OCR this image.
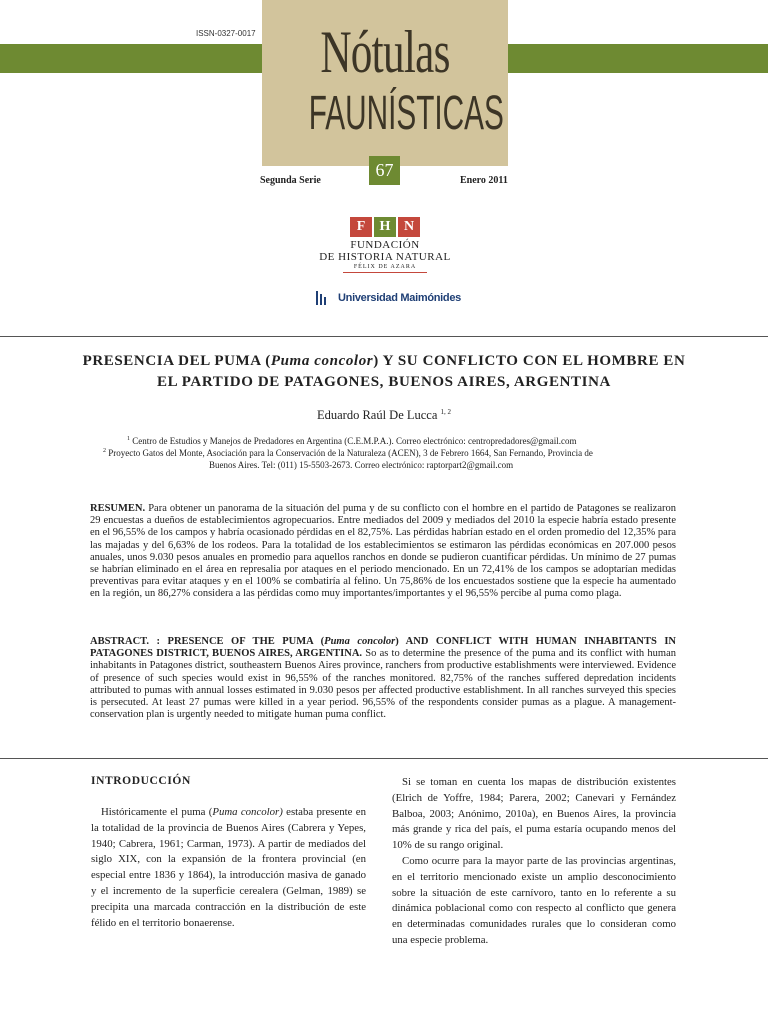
ISSN-0327-0017	Nótulas
FAUNÍSTICAS
67
Segunda Serie	Enero 2011
F	H N
FUNDACIÓN
DE HISTORIA NATURAL
FÉLIX DE AZARA
Universidad Maimónides
PRESENCIA DEL PUMA (Puma concolor) Y SU CONFLICTO CON EL HOMBRE EN
EL PARTIDO DE PATAGONES, BUENOS AIRES, ARGENTINA
Eduardo Raúl De Lucca $^{1, 2}$
$^1$ Centro de Estudios y Manejos de Predadores en Argentina (C.E.M.P.A.). Correo electrónico: centropredadores@gmail.com
$^2$ Proyecto Gatos del Monte, Asociación para la Conservación de la Naturaleza (ACEN), 3 de Febrero 1664, San Fernando, Provincia de
Buenos Aires. Tel: (011) 15-5503-2673. Correo electrónico: raptorpart2@gmail.com
RESUMEN. Para obtener un panorama de la situación del puma y de su conflicto con el hombre en el partido de Patagones se realizaron 29 encuestas a dueños de establecimientos agropecuarios. Entre mediados del 2009 y mediados del 2010 la especie habría estado presente en el 96,55% de los campos y habría ocasionado pérdidas en el 82,75%. Las pérdidas habrían estado en el orden promedio del 12,35% para las majadas y del 6,63% de los rodeos. Para la totalidad de los establecimientos se estimaron las pérdidas económicas en 207.000 pesos anuales, unos 9.030 pesos anuales en promedio para aquellos ranchos en donde se pudieron cuantificar pérdidas. Un mínimo de 27 pumas se habrían eliminado en el área en represalia por ataques en el periodo mencionado. En un 72,41% de los campos se adoptarían medidas preventivas para evitar ataques y en el 100% se combatiría al felino. Un 75,86% de los encuestados sostiene que la especie ha aumentado en la región, un 86,27% considera a las pérdidas como muy importantes/importantes y el 96,55% percibe al puma como plaga.
ABSTRACT. : PRESENCE OF THE PUMA (Puma concolor) AND CONFLICT WITH HUMAN INHABITANTS IN PATAGONES DISTRICT, BUENOS AIRES, ARGENTINA. So as to determine the presence of the puma and its conflict with human inhabitants in Patagones district, southeastern Buenos Aires province, ranchers from productive establishments were interviewed. Evidence of presence of such species would exist in 96,55% of the ranches monitored. 82,75% of the ranches suffered depredation incidents attributed to pumas with annual losses estimated in 9.030 pesos per affected productive establishment. In all ranches surveyed this species is persecuted. At least 27 pumas were killed in a year period. 96,55% of the respondents consider pumas as a plague. A management-conservation plan is urgently needed to mitigate human puma conflict.
INTRODUCCIÓN

Históricamente el puma (Puma concolor) estaba presente en la totalidad de la provincia de Buenos Aires (Cabrera y Yepes, 1940; Cabrera, 1961; Carman, 1973). A partir de mediados del siglo XIX, con la expansión de la frontera provincial (en especial entre 1836 y 1864), la introducción masiva de ganado y el incremento de la superficie cerealera (Gelman, 1989) se precipita una marcada contracción en la distribución de este félido en el territorio bonaerense.

Si se toman en cuenta los mapas de distribución existentes (Elrich de Yoffre, 1984; Parera, 2002; Canevari y Fernández Balboa, 2003; Anónimo, 2010a), en Buenos Aires, la provincia más grande y rica del país, el puma estaría ocupando menos del 10% de su rango original.

Como ocurre para la mayor parte de las provincias argentinas, en el territorio mencionado existe un amplio desconocimiento sobre la situación de este carnívoro, tanto en lo referente a su dinámica poblacional como con respecto al conflicto que genera en determinadas comunidades rurales que lo consideran como una especie problema.
